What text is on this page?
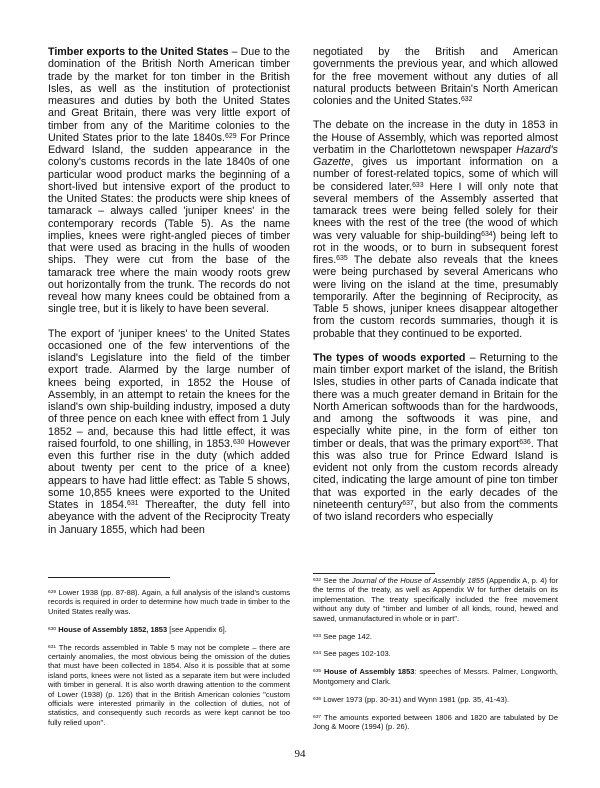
Timber exports to the United States – Due to the domination of the British North American timber trade by the market for ton timber in the British Isles, as well as the institution of protectionist measures and duties by both the United States and Great Britain, there was very little export of timber from any of the Maritime colonies to the United States prior to the late 1840s.$^{629}$ For Prince Edward Island, the sudden appearance in the colony's customs records in the late 1840s of one particular wood product marks the beginning of a short-lived but intensive export of the product to the United States: the products were ship knees of tamarack – always called 'juniper knees' in the contemporary records (Table 5). As the name implies, knees were right-angled pieces of timber that were used as bracing in the hulls of wooden ships. They were cut from the base of the tamarack tree where the main woody roots grew out horizontally from the trunk. The records do not reveal how many knees could be obtained from a single tree, but it is likely to have been several.

The export of 'juniper knees' to the United States occasioned one of the few interventions of the island's Legislature into the field of the timber export trade. Alarmed by the large number of knees being exported, in 1852 the House of Assembly, in an attempt to retain the knees for the island's own ship-building industry, imposed a duty of three pence on each knee with effect from 1 July 1852 – and, because this had little effect, it was raised fourfold, to one shilling, in 1853.$^{630}$ However even this further rise in the duty (which added about twenty per cent to the price of a knee) appears to have had little effect: as Table 5 shows, some 10,855 knees were exported to the United States in 1854.$^{631}$ Thereafter, the duty fell into abeyance with the advent of the Reciprocity Treaty in January 1855, which had been

negotiated by the British and American governments the previous year, and which allowed for the free movement without any duties of all natural products between Britain's North American colonies and the United States.$^{632}$

The debate on the increase in the duty in 1853 in the House of Assembly, which was reported almost verbatim in the Charlottetown newspaper Hazard's Gazette, gives us important information on a number of forest-related topics, some of which will be considered later.$^{633}$ Here I will only note that several members of the Assembly asserted that tamarack trees were being felled solely for their knees with the rest of the tree (the wood of which was very valuable for ship-building$^{634}$) being left to rot in the woods, or to burn in subsequent forest fires.$^{635}$ The debate also reveals that the knees were being purchased by several Americans who were living on the island at the time, presumably temporarily. After the beginning of Reciprocity, as Table 5 shows, juniper knees disappear altogether from the custom records summaries, though it is probable that they continued to be exported.

The types of woods exported – Returning to the main timber export market of the island, the British Isles, studies in other parts of Canada indicate that there was a much greater demand in Britain for the North American softwoods than for the hardwoods, and among the softwoods it was pine, and especially white pine, in the form of either ton timber or deals, that was the primary export$^{636}$. That this was also true for Prince Edward Island is evident not only from the custom records already cited, indicating the large amount of pine ton timber that was exported in the early decades of the nineteenth century$^{637}$, but also from the comments of two island recorders who especially

$^{629}$ Lower 1938 (pp. 87-88). Again, a full analysis of the island's customs records is required in order to determine how much trade in timber to the United States really was.

$^{630}$ House of Assembly 1852, 1853 [see Appendix 6].

$^{631}$ The records assembled in Table 5 may not be complete – there are certainly anomalies, the most obvious being the omission of the duties that must have been collected in 1854. Also it is possible that at some island ports, knees were not listed as a separate item but were included with timber in general. It is also worth drawing attention to the comment of Lower (1938) (p. 126) that in the British American colonies "custom officials were interested primarily in the collection of duties, not of statistics, and consequently such records as were kept cannot be too fully relied upon".

$^{632}$ See the Journal of the House of Assembly 1855 (Appendix A, p. 4) for the terms of the treaty, as well as Appendix W for further details on its implementation. The treaty specifically included the free movement without any duty of "timber and lumber of all kinds, round, hewed and sawed, unmanufactured in whole or in part".

$^{633}$ See page 142.

$^{634}$ See pages 102-103.

$^{635}$ House of Assembly 1853: speeches of Messrs. Palmer, Longworth, Montgomery and Clark.

$^{636}$ Lower 1973 (pp. 30-31) and Wynn 1981 (pp. 35, 41-43).

$^{637}$ The amounts exported between 1806 and 1820 are tabulated by De Jong & Moore (1994) (p. 26).

94
